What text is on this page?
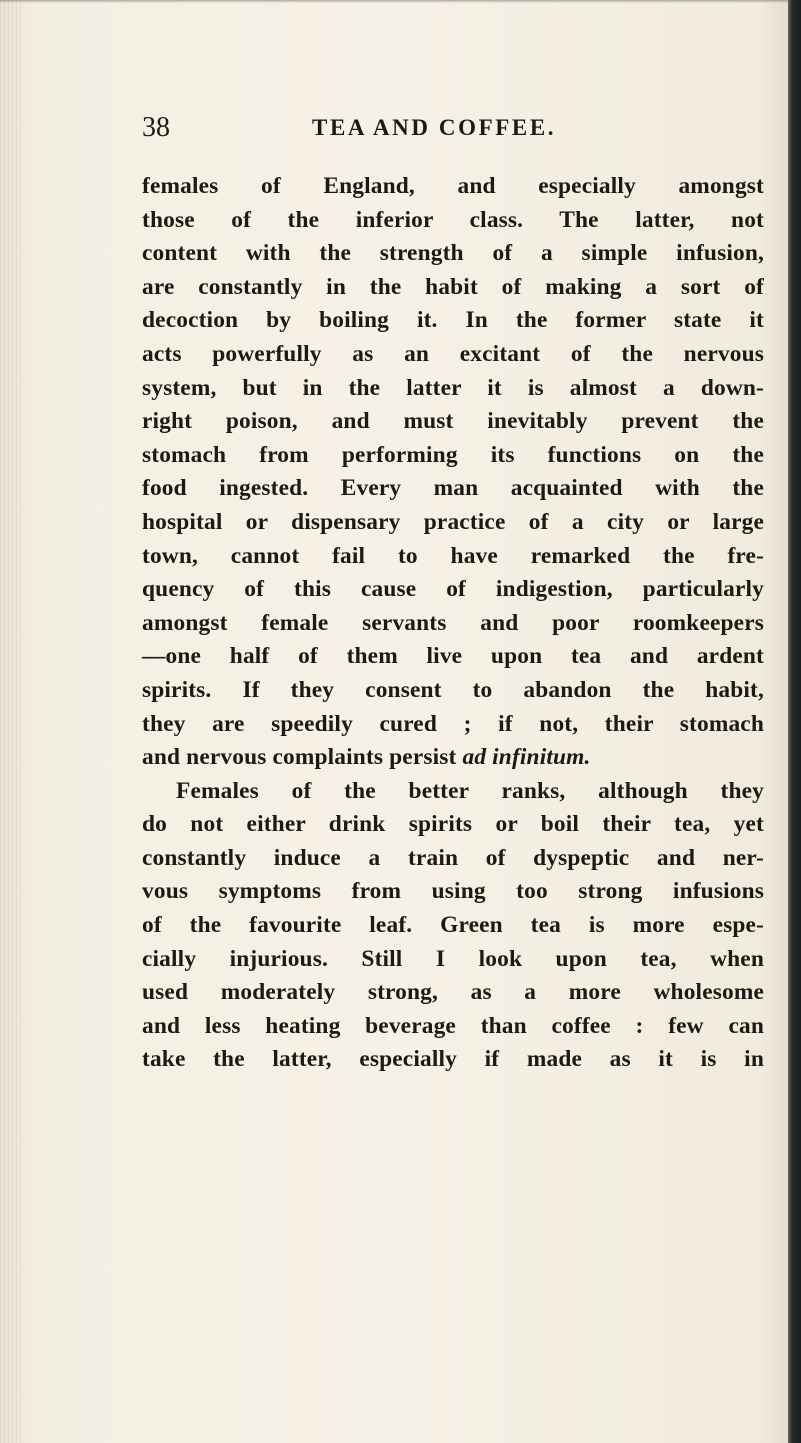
38	TEA AND COFFEE.
females of England, and especially amongst
those of the inferior class. The latter, not
content with the strength of a simple infusion,
are constantly in the habit of making a sort of
decoction by boiling it. In the former state it
acts powerfully as an excitant of the nervous
system, but in the latter it is almost a down-
right poison, and must inevitably prevent the
stomach from performing its functions on the
food ingested. Every man acquainted with the
hospital or dispensary practice of a city or large
town, cannot fail to have remarked the fre-
quency of this cause of indigestion, particularly
amongst female servants and poor roomkeepers
—one half of them live upon tea and ardent
spirits. If they consent to abandon the habit,
they are speedily cured ; if not, their stomach
and nervous complaints persist ad infinitum.
Females of the better ranks, although they
do not either drink spirits or boil their tea, yet
constantly induce a train of dyspeptic and ner-
vous symptoms from using too strong infusions
of the favourite leaf. Green tea is more espe-
cially injurious. Still I look upon tea, when
used moderately strong, as a more wholesome
and less heating beverage than coffee : few can
take the latter, especially if made as it is in
